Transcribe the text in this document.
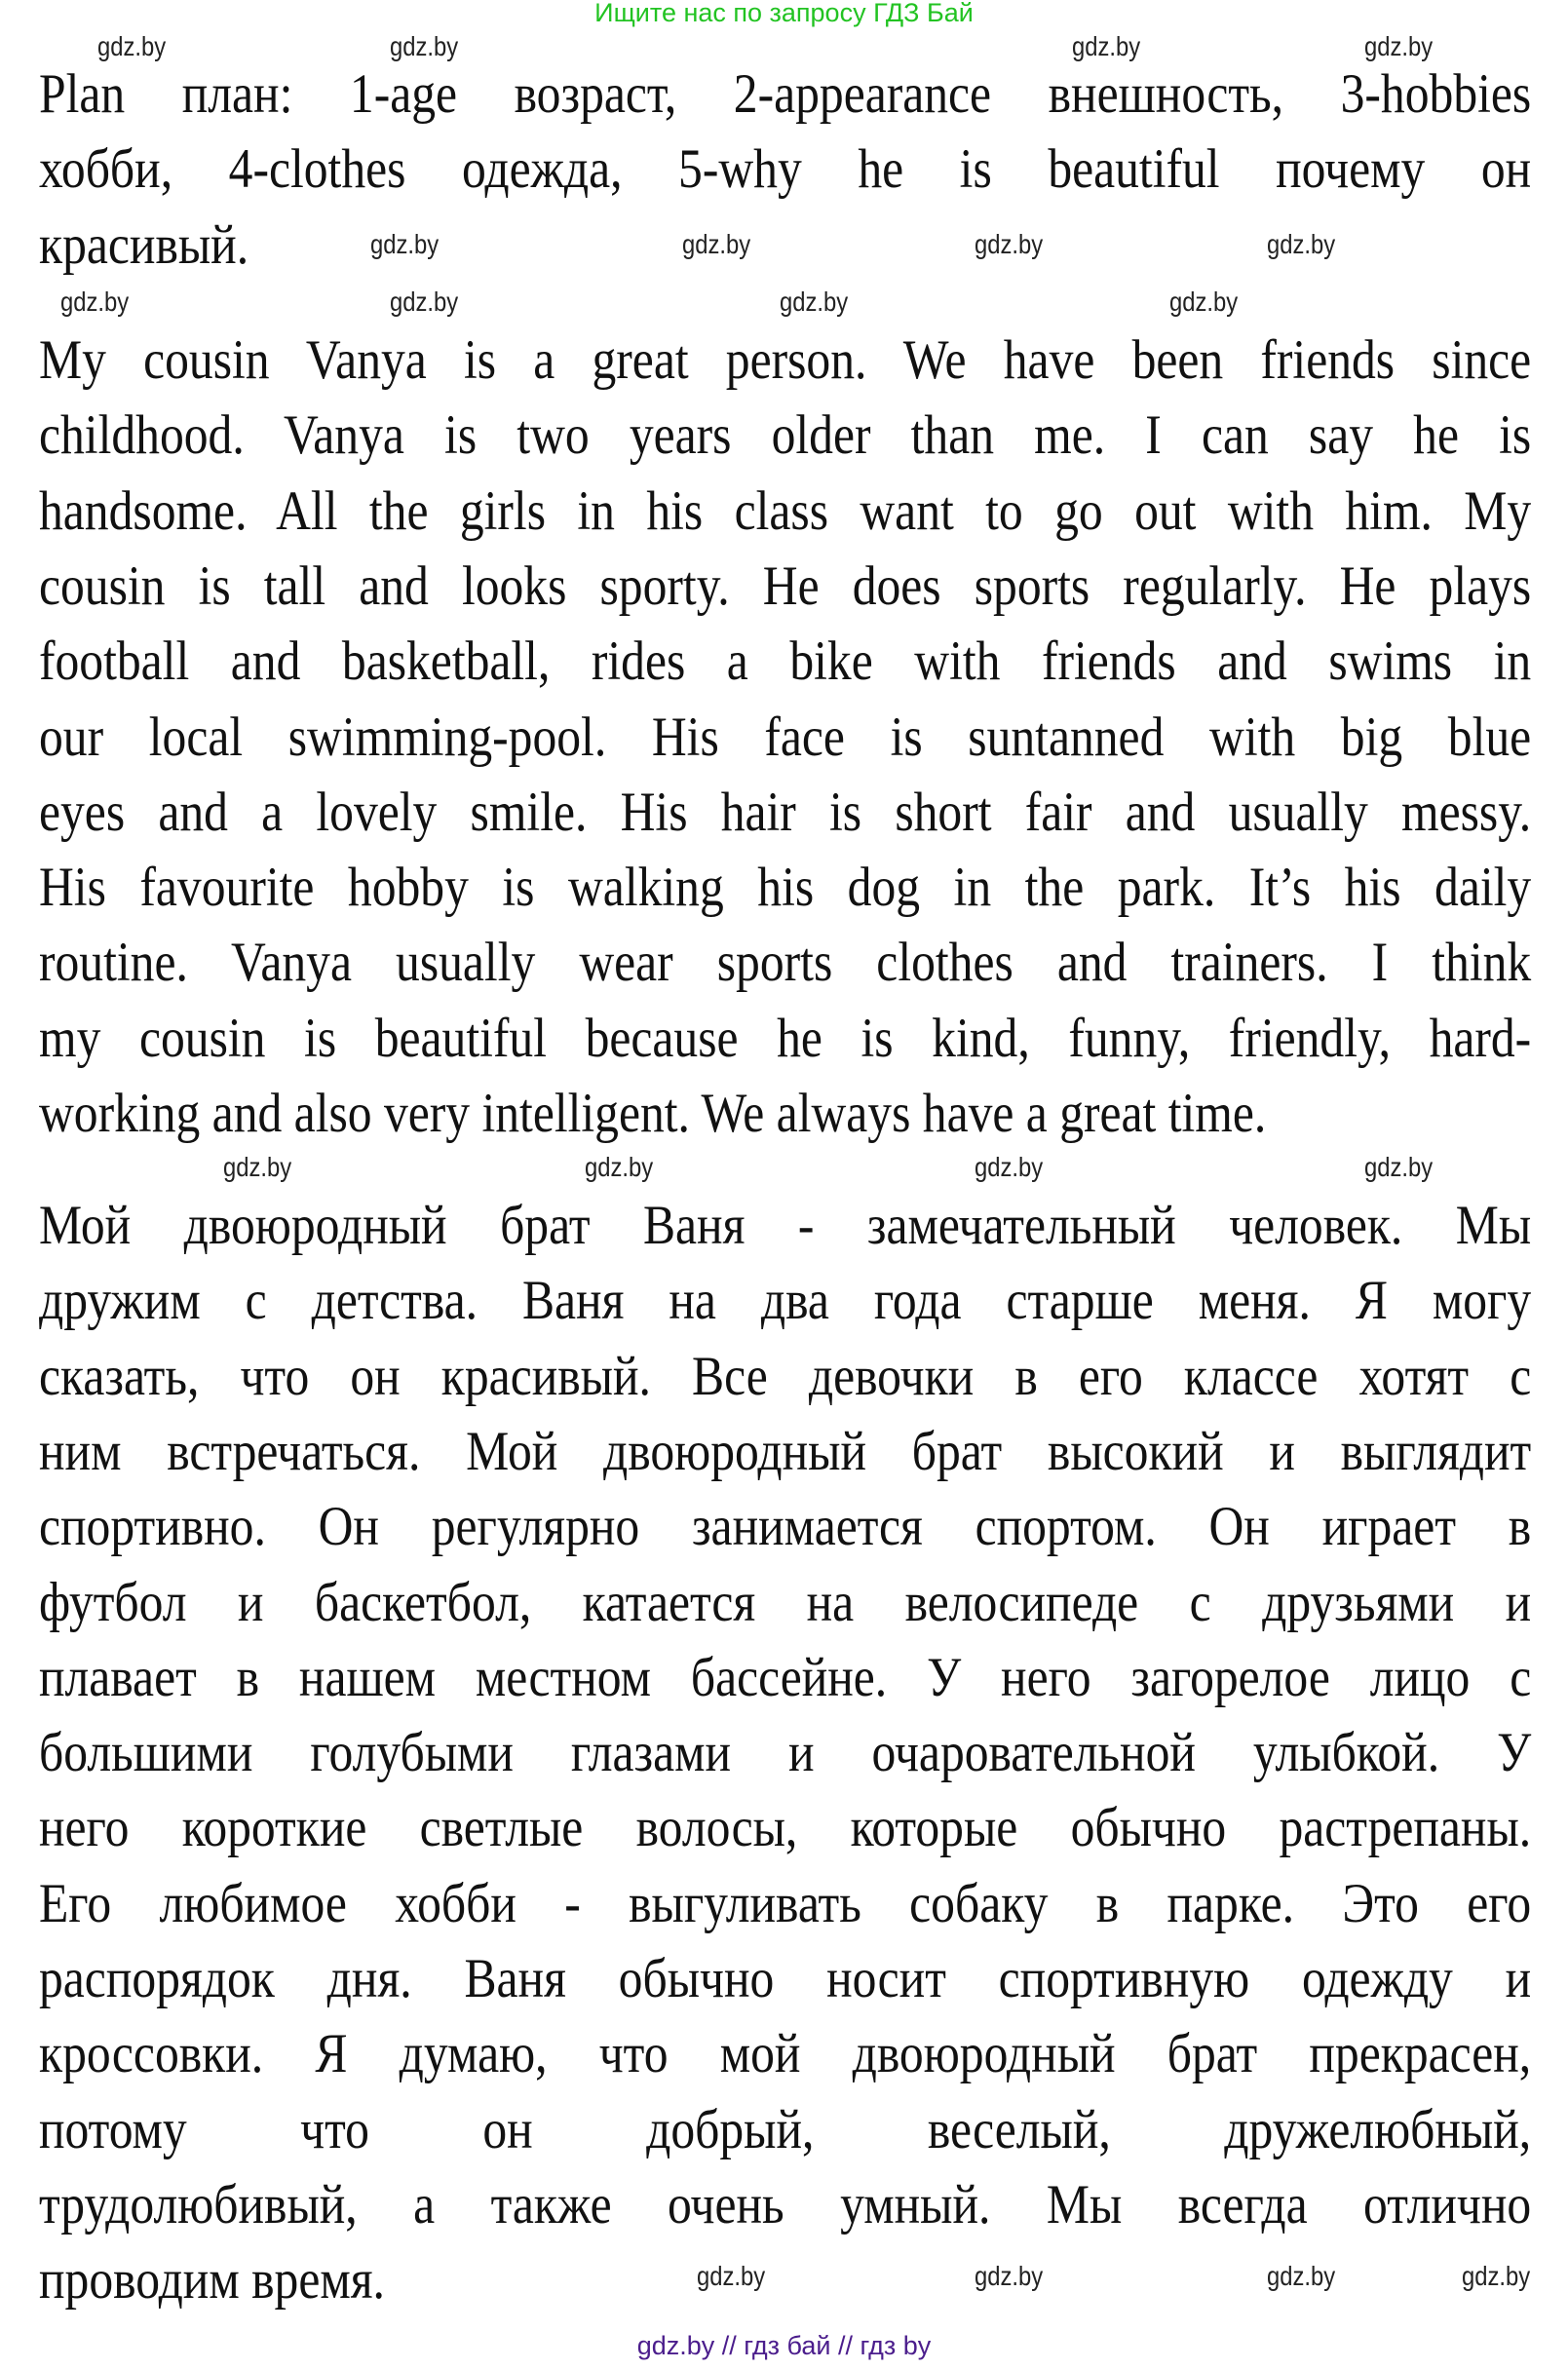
Ищите нас по запросу ГДЗ Бай
Plan план: 1-age возраст, 2-appearance внешность, 3-hobbies
хобби, 4-clothes одежда, 5-why he is beautiful почему он
красивый.
My cousin Vanya is a great person. We have been friends since
childhood. Vanya is two years older than me. I can say he is
handsome. All the girls in his class want to go out with him. My
cousin is tall and looks sporty. He does sports regularly. He plays
football and basketball, rides a bike with friends and swims in
our local swimming-pool. His face is suntanned with big blue
eyes and a lovely smile. His hair is short fair and usually messy.
His favourite hobby is walking his dog in the park. It’s his daily
routine. Vanya usually wear sports clothes and trainers. I think
my cousin is beautiful because he is kind, funny, friendly, hard-
working and also very intelligent. We always have a great time.
Мой двоюродный брат Ваня - замечательный человек. Мы
дружим с детства. Ваня на два года старше меня. Я могу
сказать, что он красивый. Все девочки в его классе хотят с
ним встречаться. Мой двоюродный брат высокий и выглядит
спортивно. Он регулярно занимается спортом. Он играет в
футбол и баскетбол, катается на велосипеде с друзьями и
плавает в нашем местном бассейне. У него загорелое лицо с
большими голубыми глазами и очаровательной улыбкой. У
него короткие светлые волосы, которые обычно растрепаны.
Его любимое хобби - выгуливать собаку в парке. Это его
распорядок дня. Ваня обычно носит спортивную одежду и
кроссовки. Я думаю, что мой двоюродный брат прекрасен,
потому что он добрый, веселый, дружелюбный,
трудолюбивый, а также очень умный. Мы всегда отлично
проводим время.
gdz.by	gdz.by	gdz.by	gdz.by
gdz.by	gdz.by	gdz.by	gdz.by
gdz.by	gdz.by	gdz.by	gdz.by
gdz.by	gdz.by	gdz.by	gdz.by
gdz.by	gdz.by	gdz.by	gdz.by
gdz.by // гдз бай // гдз by
